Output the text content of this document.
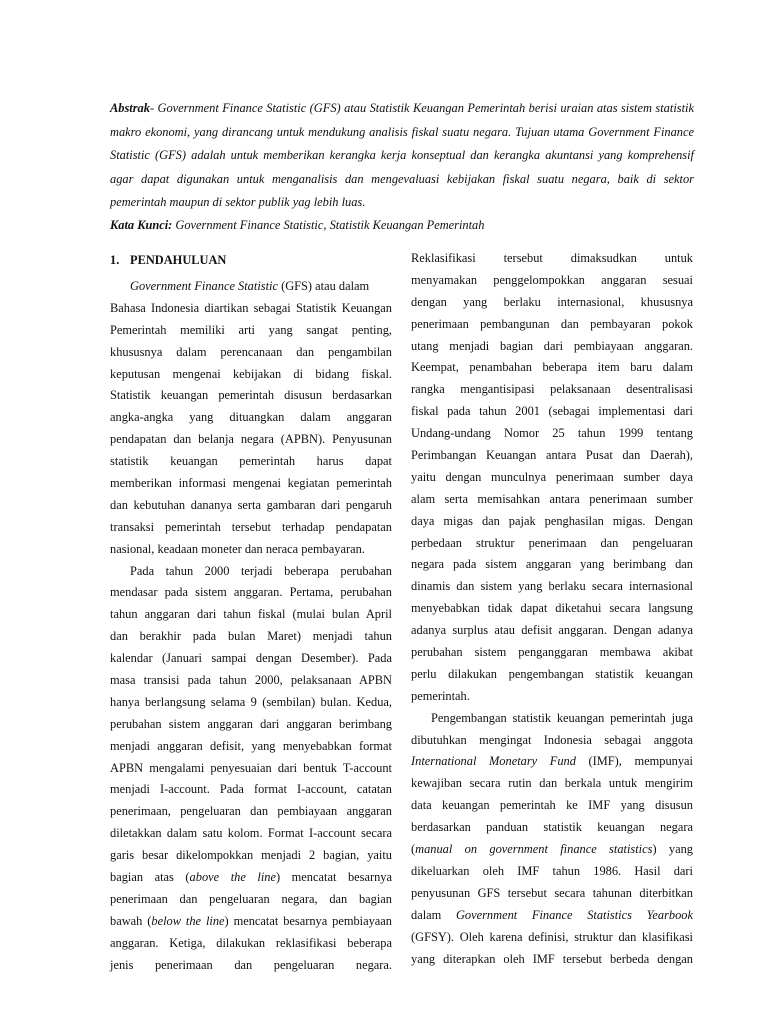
Abstrak- Government Finance Statistic (GFS) atau Statistik Keuangan Pemerintah berisi uraian atas sistem statistik makro ekonomi, yang dirancang untuk mendukung analisis fiskal suatu negara. Tujuan utama Government Finance Statistic (GFS) adalah untuk memberikan kerangka kerja konseptual dan kerangka akuntansi yang komprehensif agar dapat digunakan untuk menganalisis dan mengevaluasi kebijakan fiskal suatu negara, baik di sektor pemerintah maupun di sektor publik yag lebih luas.

Kata Kunci: Government Finance Statistic, Statistik Keuangan Pemerintah

1. PENDAHULUAN
Government Finance Statistic (GFS) atau dalam
Bahasa Indonesia diartikan sebagai Statistik Keuangan
Pemerintah memiliki arti yang sangat penting,
khususnya dalam perencanaan dan pengambilan
keputusan mengenai kebijakan di bidang fiskal.
Statistik keuangan pemerintah disusun berdasarkan
angka-angka yang dituangkan dalam anggaran
pendapatan dan belanja negara (APBN). Penyusunan
statistik keuangan pemerintah harus dapat
memberikan informasi mengenai kegiatan pemerintah
dan kebutuhan dananya serta gambaran dari pengaruh
transaksi pemerintah tersebut terhadap pendapatan
nasional, keadaan moneter dan neraca pembayaran.
Pada tahun 2000 terjadi beberapa perubahan
mendasar pada sistem anggaran. Pertama, perubahan
tahun anggaran dari tahun fiskal (mulai bulan April
dan berakhir pada bulan Maret) menjadi tahun
kalendar (Januari sampai dengan Desember). Pada
masa transisi pada tahun 2000, pelaksanaan APBN
hanya berlangsung selama 9 (sembilan) bulan. Kedua,
perubahan sistem anggaran dari anggaran berimbang
menjadi anggaran defisit, yang menyebabkan format
APBN mengalami penyesuaian dari bentuk T-account
menjadi I-account. Pada format I-account, catatan
penerimaan, pengeluaran dan pembiayaan anggaran
diletakkan dalam satu kolom. Format I-account secara
garis besar dikelompokkan menjadi 2 bagian, yaitu
bagian atas (above the line) mencatat besarnya
penerimaan dan pengeluaran negara, dan bagian
bawah (below the line) mencatat besarnya pembiayaan
anggaran. Ketiga, dilakukan reklasifikasi beberapa
jenis penerimaan dan pengeluaran negara.
Reklasifikasi tersebut dimaksudkan untuk
menyamakan penggelompokkan anggaran sesuai
dengan yang berlaku internasional, khususnya
penerimaan pembangunan dan pembayaran pokok
utang menjadi bagian dari pembiayaan anggaran.
Keempat, penambahan beberapa item baru dalam
rangka mengantisipasi pelaksanaan desentralisasi
fiskal pada tahun 2001 (sebagai implementasi dari
Undang-undang Nomor 25 tahun 1999 tentang
Perimbangan Keuangan antara Pusat dan Daerah),
yaitu dengan munculnya penerimaan sumber daya
alam serta memisahkan antara penerimaan sumber
daya migas dan pajak penghasilan migas. Dengan
perbedaan struktur penerimaan dan pengeluaran
negara pada sistem anggaran yang berimbang dan
dinamis dan sistem yang berlaku secara internasional
menyebabkan tidak dapat diketahui secara langsung
adanya surplus atau defisit anggaran. Dengan adanya
perubahan sistem penganggaran membawa akibat
perlu dilakukan pengembangan statistik keuangan
pemerintah.
Pengembangan statistik keuangan pemerintah juga
dibutuhkan mengingat Indonesia sebagai anggota
International Monetary Fund (IMF), mempunyai
kewajiban secara rutin dan berkala untuk mengirim
data keuangan pemerintah ke IMF yang disusun
berdasarkan panduan statistik keuangan negara
(manual on government finance statistics) yang
dikeluarkan oleh IMF tahun 1986. Hasil dari
penyusunan GFS tersebut secara tahunan diterbitkan
dalam Government Finance Statistics Yearbook
(GFSY). Oleh karena definisi, struktur dan klasifikasi
yang diterapkan oleh IMF tersebut berbeda dengan
